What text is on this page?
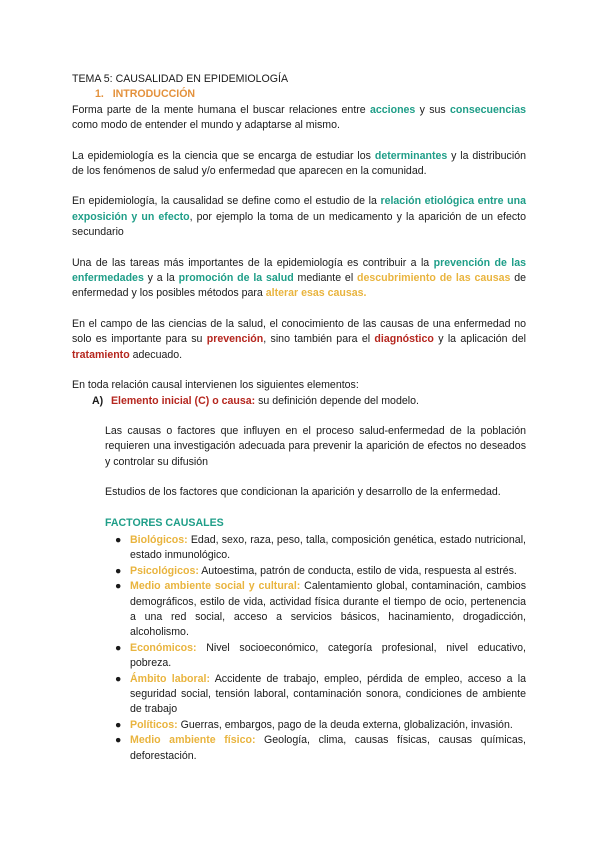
TEMA 5: CAUSALIDAD EN EPIDEMIOLOGÍA

1. INTRODUCCIÓN

Forma parte de la mente humana el buscar relaciones entre acciones y sus consecuencias como modo de entender el mundo y adaptarse al mismo.

La epidemiología es la ciencia que se encarga de estudiar los determinantes y la distribución de los fenómenos de salud y/o enfermedad que aparecen en la comunidad.

En epidemiología, la causalidad se define como el estudio de la relación etiológica entre una exposición y un efecto, por ejemplo la toma de un medicamento y la aparición de un efecto secundario

Una de las tareas más importantes de la epidemiología es contribuir a la prevención de las enfermedades y a la promoción de la salud mediante el descubrimiento de las causas de enfermedad y los posibles métodos para alterar esas causas.

En el campo de las ciencias de la salud, el conocimiento de las causas de una enfermedad no solo es importante para su prevención, sino también para el diagnóstico y la aplicación del tratamiento adecuado.

En toda relación causal intervienen los siguientes elementos:

A) Elemento inicial (C) o causa: su definición depende del modelo.

Las causas o factores que influyen en el proceso salud-enfermedad de la población requieren una investigación adecuada para prevenir la aparición de efectos no deseados y controlar su difusión

Estudios de los factores que condicionan la aparición y desarrollo de la enfermedad.

FACTORES CAUSALES

● Biológicos: Edad, sexo, raza, peso, talla, composición genética, estado nutricional, estado inmunológico.
● Psicológicos: Autoestima, patrón de conducta, estilo de vida, respuesta al estrés.
● Medio ambiente social y cultural: Calentamiento global, contaminación, cambios demográficos, estilo de vida, actividad física durante el tiempo de ocio, pertenencia a una red social, acceso a servicios básicos, hacinamiento, drogadicción, alcoholismo.
● Económicos: Nivel socioeconómico, categoría profesional, nivel educativo, pobreza.
● Ámbito laboral: Accidente de trabajo, empleo, pérdida de empleo, acceso a la seguridad social, tensión laboral, contaminación sonora, condiciones de ambiente de trabajo
● Políticos: Guerras, embargos, pago de la deuda externa, globalización, invasión.
● Medio ambiente físico: Geología, clima, causas físicas, causas químicas, deforestación.
